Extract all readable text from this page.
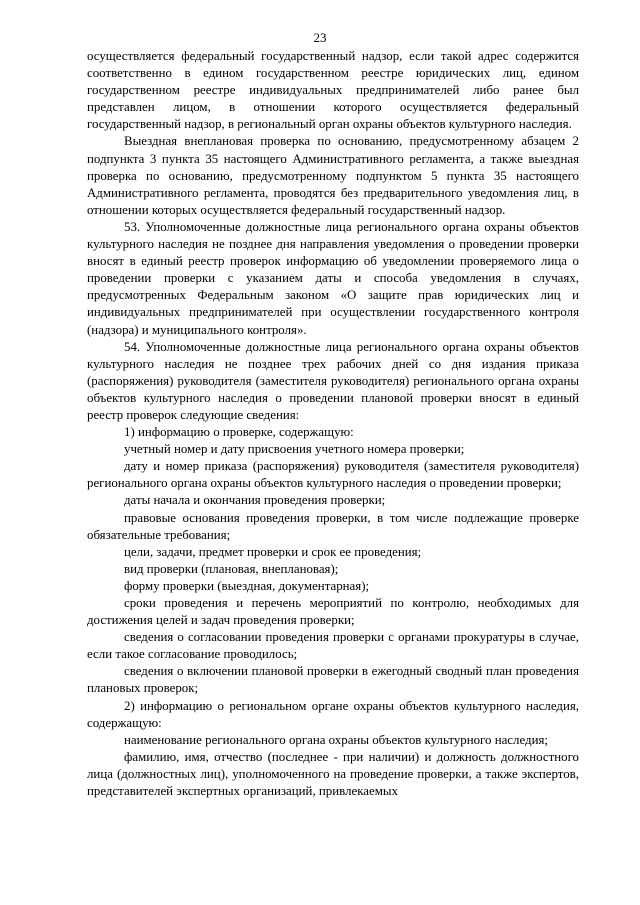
23

осуществляется федеральный государственный надзор, если такой адрес содержится соответственно в едином государственном реестре юридических лиц, едином государственном реестре индивидуальных предпринимателей либо ранее был представлен лицом, в отношении которого осуществляется федеральный государственный надзор, в региональный орган охраны объектов культурного наследия.

Выездная внеплановая проверка по основанию, предусмотренному абзацем 2 подпункта 3 пункта 35 настоящего Административного регламента, а также выездная проверка по основанию, предусмотренному подпунктом 5 пункта 35 настоящего Административного регламента, проводятся без предварительного уведомления лиц, в отношении которых осуществляется федеральный государственный надзор.

53. Уполномоченные должностные лица регионального органа охраны объектов культурного наследия не позднее дня направления уведомления о проведении проверки вносят в единый реестр проверок информацию об уведомлении проверяемого лица о проведении проверки с указанием даты и способа уведомления в случаях, предусмотренных Федеральным законом «О защите прав юридических лиц и индивидуальных предпринимателей при осуществлении государственного контроля (надзора) и муниципального контроля».

54. Уполномоченные должностные лица регионального органа охраны объектов культурного наследия не позднее трех рабочих дней со дня издания приказа (распоряжения) руководителя (заместителя руководителя) регионального органа охраны объектов культурного наследия о проведении плановой проверки вносят в единый реестр проверок следующие сведения:

1) информацию о проверке, содержащую:

учетный номер и дату присвоения учетного номера проверки;

дату и номер приказа (распоряжения) руководителя (заместителя руководителя) регионального органа охраны объектов культурного наследия о проведении проверки;

даты начала и окончания проведения проверки;

правовые основания проведения проверки, в том числе подлежащие проверке обязательные требования;

цели, задачи, предмет проверки и срок ее проведения;

вид проверки (плановая, внеплановая);

форму проверки (выездная, документарная);

сроки проведения и перечень мероприятий по контролю, необходимых для достижения целей и задач проведения проверки;

сведения о согласовании проведения проверки с органами прокуратуры в случае, если такое согласование проводилось;

сведения о включении плановой проверки в ежегодный сводный план проведения плановых проверок;

2) информацию о региональном органе охраны объектов культурного наследия, содержащую:

наименование регионального органа охраны объектов культурного наследия;

фамилию, имя, отчество (последнее - при наличии) и должность должностного лица (должностных лиц), уполномоченного на проведение проверки, а также экспертов, представителей экспертных организаций, привлекаемых
